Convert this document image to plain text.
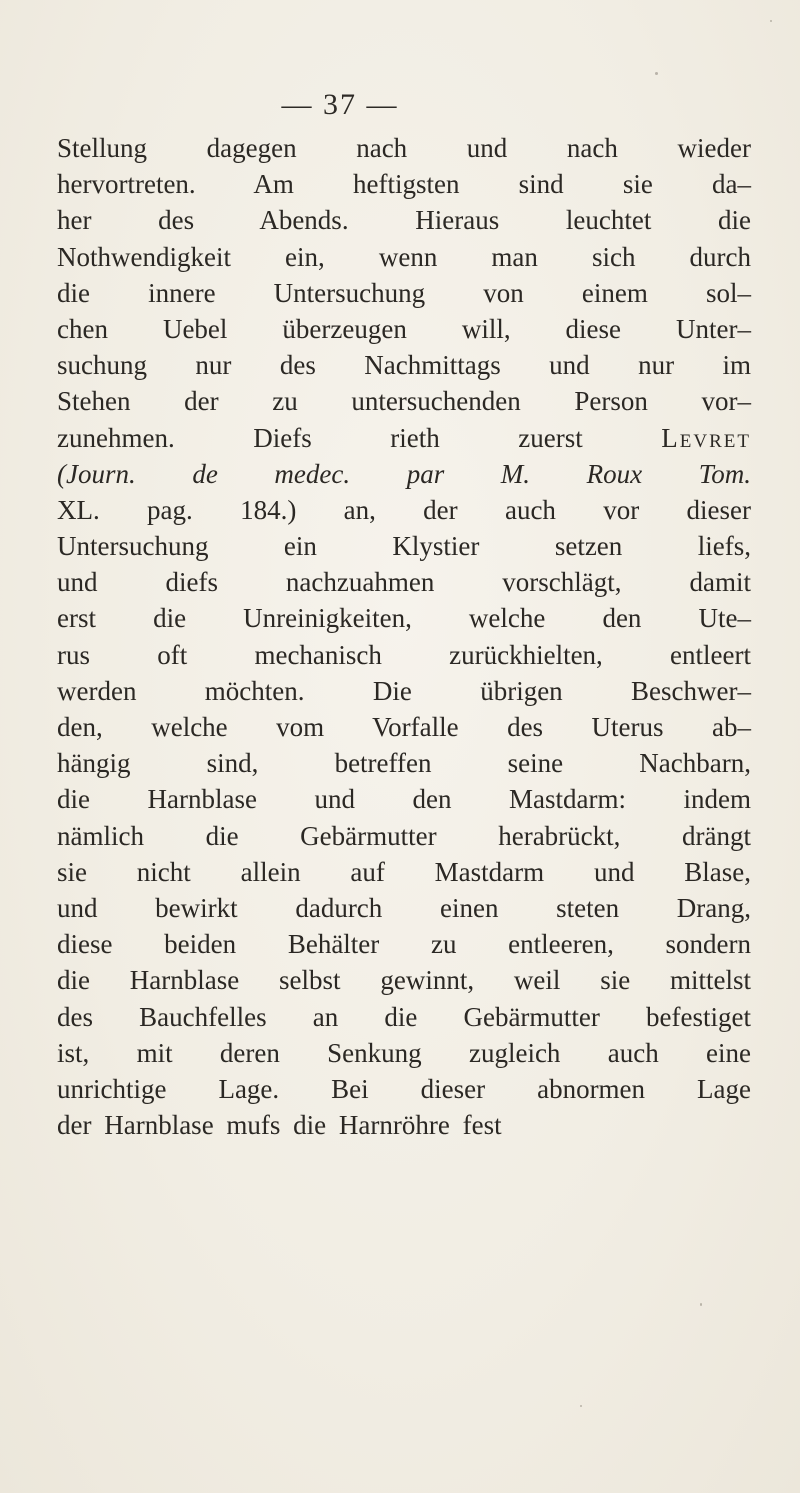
— 37 —
Stellung dagegen nach und nach wieder
hervortreten. Am heftigsten sind sie da–
her des Abends. Hieraus leuchtet die
Nothwendigkeit ein, wenn man sich durch
die innere Untersuchung von einem sol–
chen Uebel überzeugen will, diese Unter–
suchung nur des Nachmittags und nur im
Stehen der zu untersuchenden Person vor–
zunehmen. Diefs rieth zuerst Levret
(Journ. de medec. par M. Roux Tom.
XL. pag. 184.) an, der auch vor dieser
Untersuchung ein Klystier setzen liefs,
und diefs nachzuahmen vorschlägt, damit
erst die Unreinigkeiten, welche den Ute–
rus oft mechanisch zurückhielten, entleert
werden möchten. Die übrigen Beschwer–
den, welche vom Vorfalle des Uterus ab–
hängig sind, betreffen seine Nachbarn,
die Harnblase und den Mastdarm: indem
nämlich die Gebärmutter herabrückt, drängt
sie nicht allein auf Mastdarm und Blase,
und bewirkt dadurch einen steten Drang,
diese beiden Behälter zu entleeren, sondern
die Harnblase selbst gewinnt, weil sie mittelst
des Bauchfelles an die Gebärmutter befestiget
ist, mit deren Senkung zugleich auch eine
unrichtige Lage. Bei dieser abnormen Lage
der Harnblase mufs die Harnröhre fest
